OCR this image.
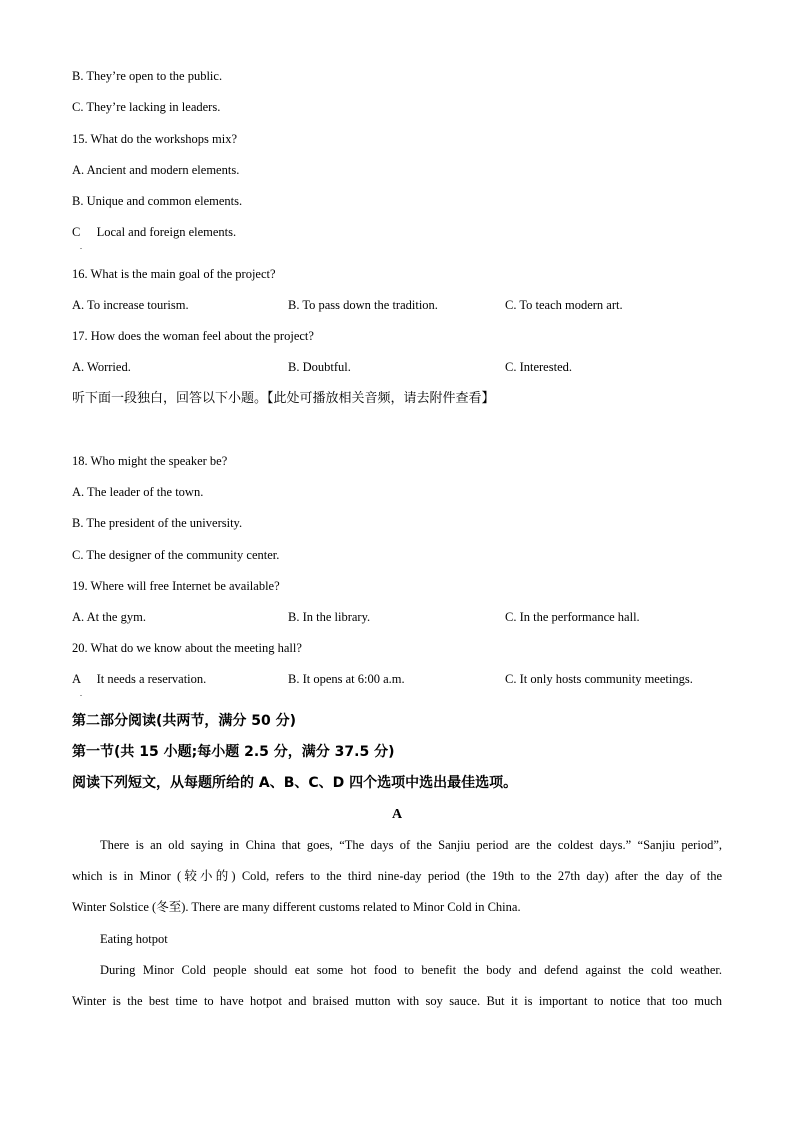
B. They’re open to the public.
C. They’re lacking in leaders.
15. What do the workshops mix?
A. Ancient and modern elements.
B. Unique and common elements.
C Local and foreign elements.
.
16. What is the main goal of the project?
A. To increase tourism.	B. To pass down the tradition.	C. To teach modern art.
17. How does the woman feel about the project?
A. Worried.	B. Doubtful.	C. Interested.
听下面一段独白，回答以下小题。【此处可播放相关音频，请去附件查看】
18. Who might the speaker be?
A. The leader of the town.
B. The president of the university.
C. The designer of the community center.
19. Where will free Internet be available?
A. At the gym.	B. In the library.	C. In the performance hall.
20. What do we know about the meeting hall?
A It needs a reservation.	B. It opens at 6:00 a.m.	C. It only hosts community meetings.
.
第二部分阅读(共两节，满分 50 分)
第一节(共 15 小题;每小题 2.5 分，满分 37.5 分)
阅读下列短文，从每题所给的 A、B、C、D 四个选项中选出最佳选项。
A
There is an old saying in China that goes, “The days of the Sanjiu period are the coldest days.” “Sanjiu period”,
which is in Minor (较小的) Cold, refers to the third nine-day period (the 19th to the 27th day) after the day of the
Winter Solstice (冬至). There are many different customs related to Minor Cold in China.
Eating hotpot
During Minor Cold people should eat some hot food to benefit the body and defend against the cold weather.
Winter is the best time to have hotpot and braised mutton with soy sauce. But it is important to notice that too much
